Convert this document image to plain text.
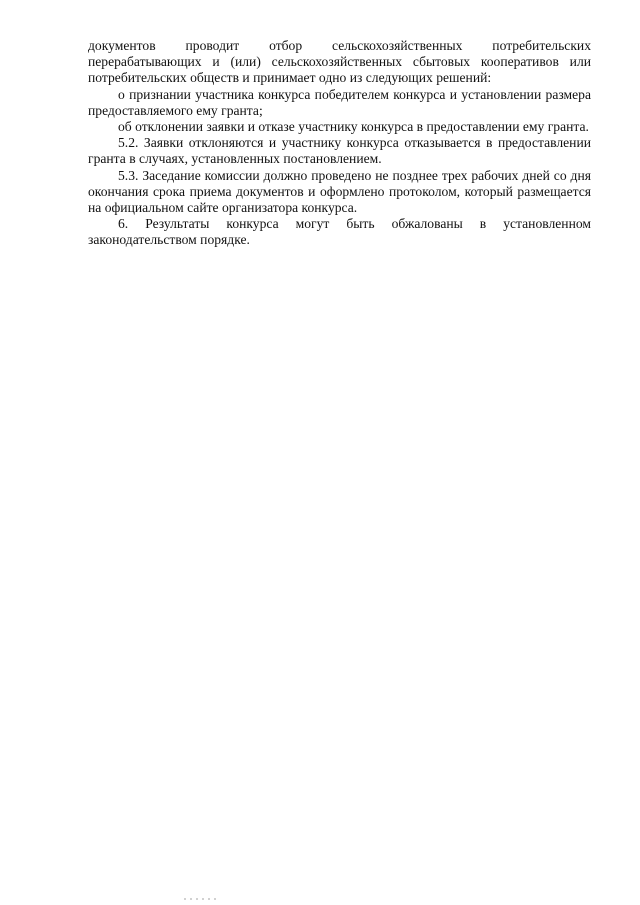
документов проводит отбор сельскохозяйственных потребительских перерабатывающих и (или) сельскохозяйственных сбытовых кооперативов или потребительских обществ и принимает одно из следующих решений:

о признании участника конкурса победителем конкурса и установлении размера предоставляемого ему гранта;

об отклонении заявки и отказе участнику конкурса в предоставлении ему гранта.

5.2. Заявки отклоняются и участнику конкурса отказывается в предоставлении гранта в случаях, установленных постановлением.

5.3. Заседание комиссии должно проведено не позднее трех рабочих дней со дня окончания срока приема документов и оформлено протоколом, который размещается на официальном сайте организатора конкурса.

6. Результаты конкурса могут быть обжалованы в установленном законодательством порядке.
